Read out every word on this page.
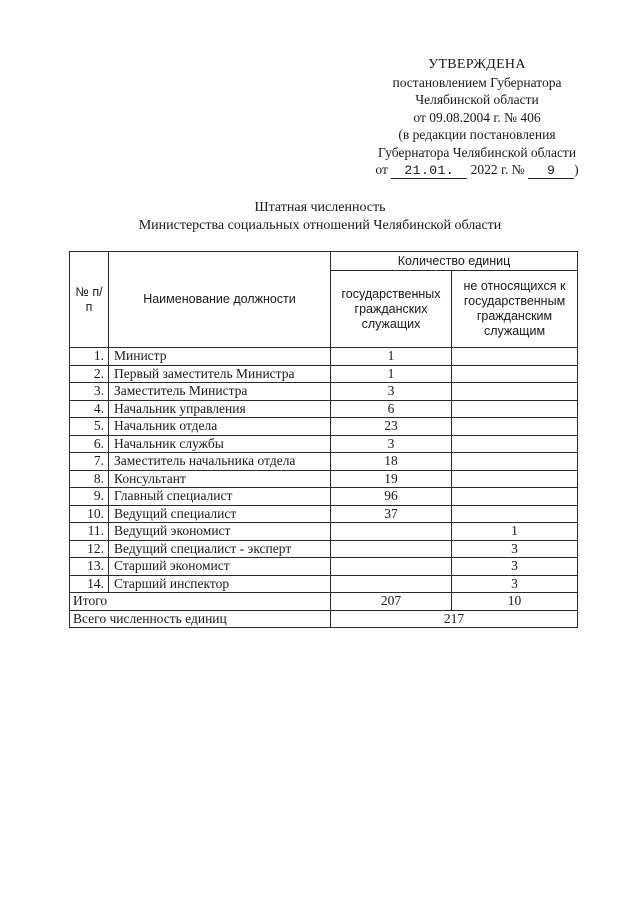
УТВЕРЖДЕНА
постановлением Губернатора
Челябинской области
от 09.08.2004 г. № 406
(в редакции постановления
Губернатора Челябинской области
от 21.01. 2022 г. № 9 )
Штатная численность
Министерства социальных отношений Челябинской области
№ п/п	Наименование должности	Количество единиц	
		государственных гражданских служащих	не относящихся к государственным гражданским служащим
1.	Министр	1	
2.	Первый заместитель Министра	1	
3.	Заместитель Министра	3	
4.	Начальник управления	6	
5.	Начальник отдела	23	
6.	Начальник службы	3	
7.	Заместитель начальника отдела	18	
8.	Консультант	19	
9.	Главный специалист	96	
10.	Ведущий специалист	37	
11.	Ведущий экономист		1
12.	Ведущий специалист - эксперт		3
13.	Старший экономист		3
14.	Старший инспектор		3
Итого		207	10
Всего численность единиц		217	
